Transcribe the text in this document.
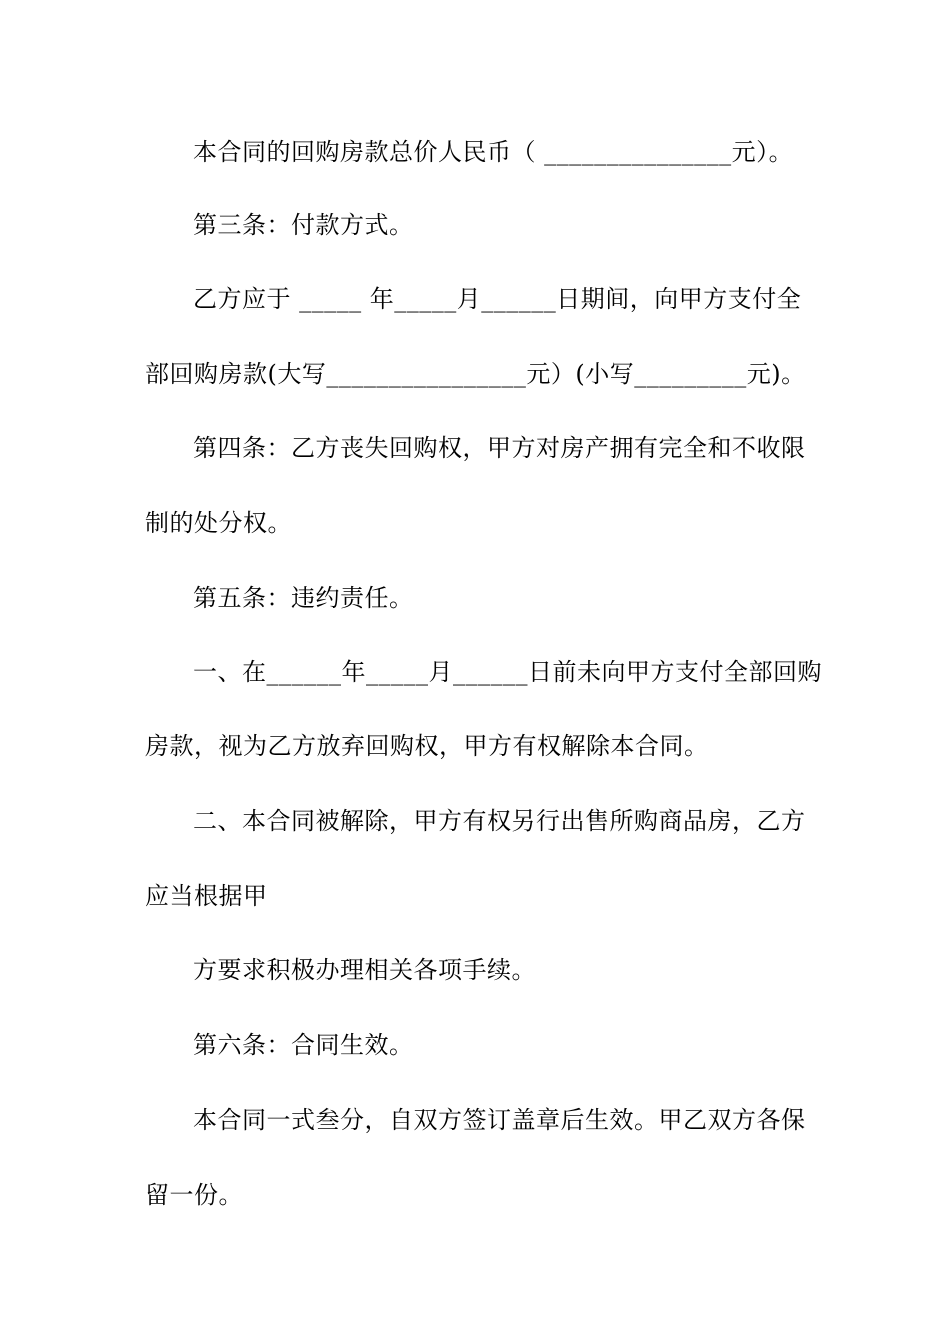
本合同的回购房款总价人民币（ _______________元）。
第三条：付款方式。
乙方应于 _____ 年_____月______日期间，向甲方支付全
部回购房款(大写________________元）(小写_________元)。
第四条：乙方丧失回购权，甲方对房产拥有完全和不收限
制的处分权。
第五条：违约责任。
一、在______年_____月______日前未向甲方支付全部回购
房款，视为乙方放弃回购权，甲方有权解除本合同。
二、本合同被解除，甲方有权另行出售所购商品房，乙方
应当根据甲
方要求积极办理相关各项手续。
第六条：合同生效。
本合同一式叁分，自双方签订盖章后生效。甲乙双方各保
留一份。
